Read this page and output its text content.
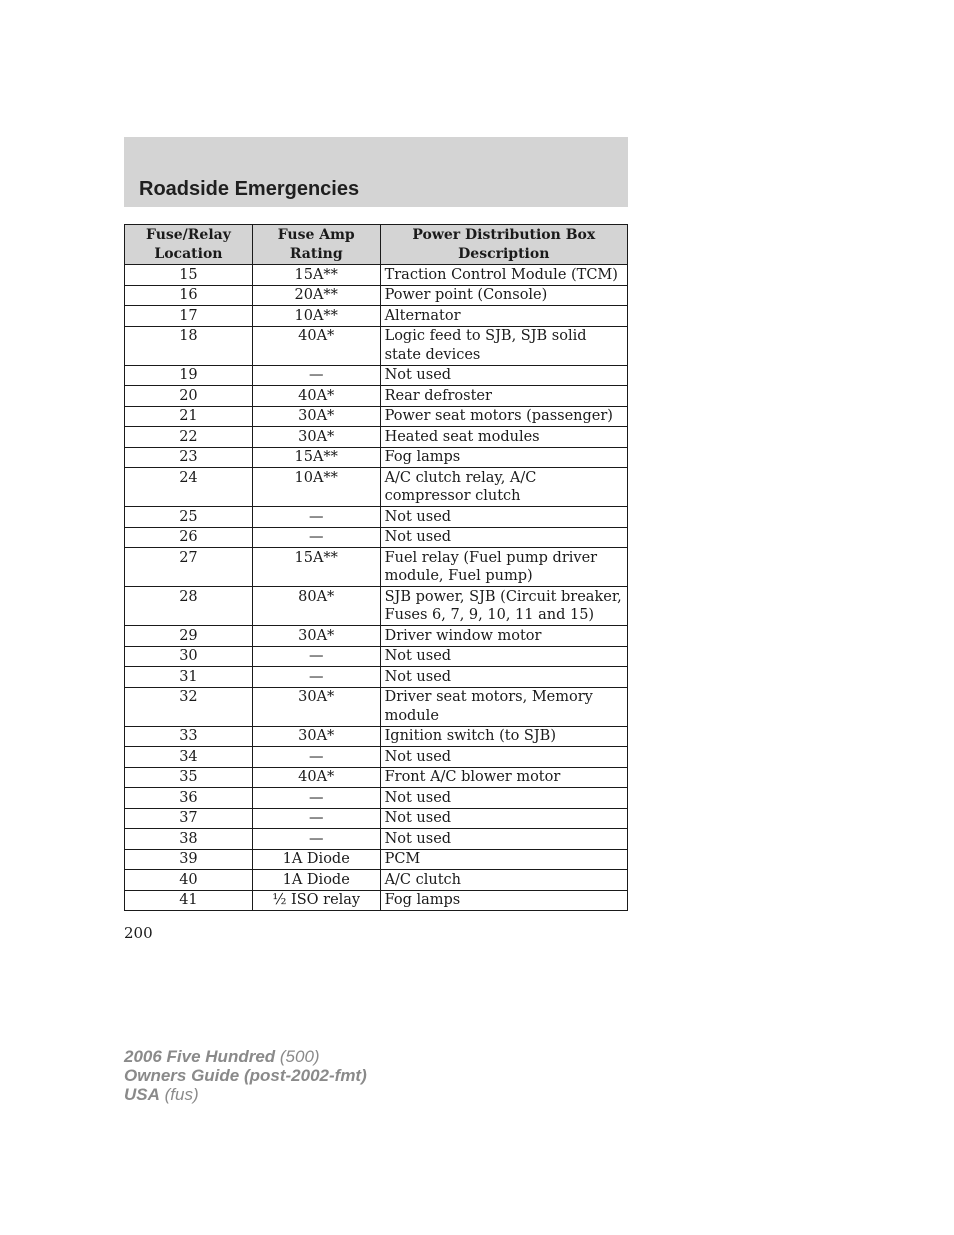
Roadside Emergencies
Fuse/Relay Location	Fuse Amp Rating	Power Distribution Box Description
15	15A**	Traction Control Module (TCM)
16	20A**	Power point (Console)
17	10A**	Alternator
18	40A*	Logic feed to SJB, SJB solid state devices
19	—	Not used
20	40A*	Rear defroster
21	30A*	Power seat motors (passenger)
22	30A*	Heated seat modules
23	15A**	Fog lamps
24	10A**	A/C clutch relay, A/C compressor clutch
25	—	Not used
26	—	Not used
27	15A**	Fuel relay (Fuel pump driver module, Fuel pump)
28	80A*	SJB power, SJB (Circuit breaker, Fuses 6, 7, 9, 10, 11 and 15)
29	30A*	Driver window motor
30	—	Not used
31	—	Not used
32	30A*	Driver seat motors, Memory module
33	30A*	Ignition switch (to SJB)
34	—	Not used
35	40A*	Front A/C blower motor
36	—	Not used
37	—	Not used
38	—	Not used
39	1A Diode	PCM
40	1A Diode	A/C clutch
41	½ ISO relay	Fog lamps
200
2006 Five Hundred (500)
Owners Guide (post-2002-fmt)
USA (fus)
